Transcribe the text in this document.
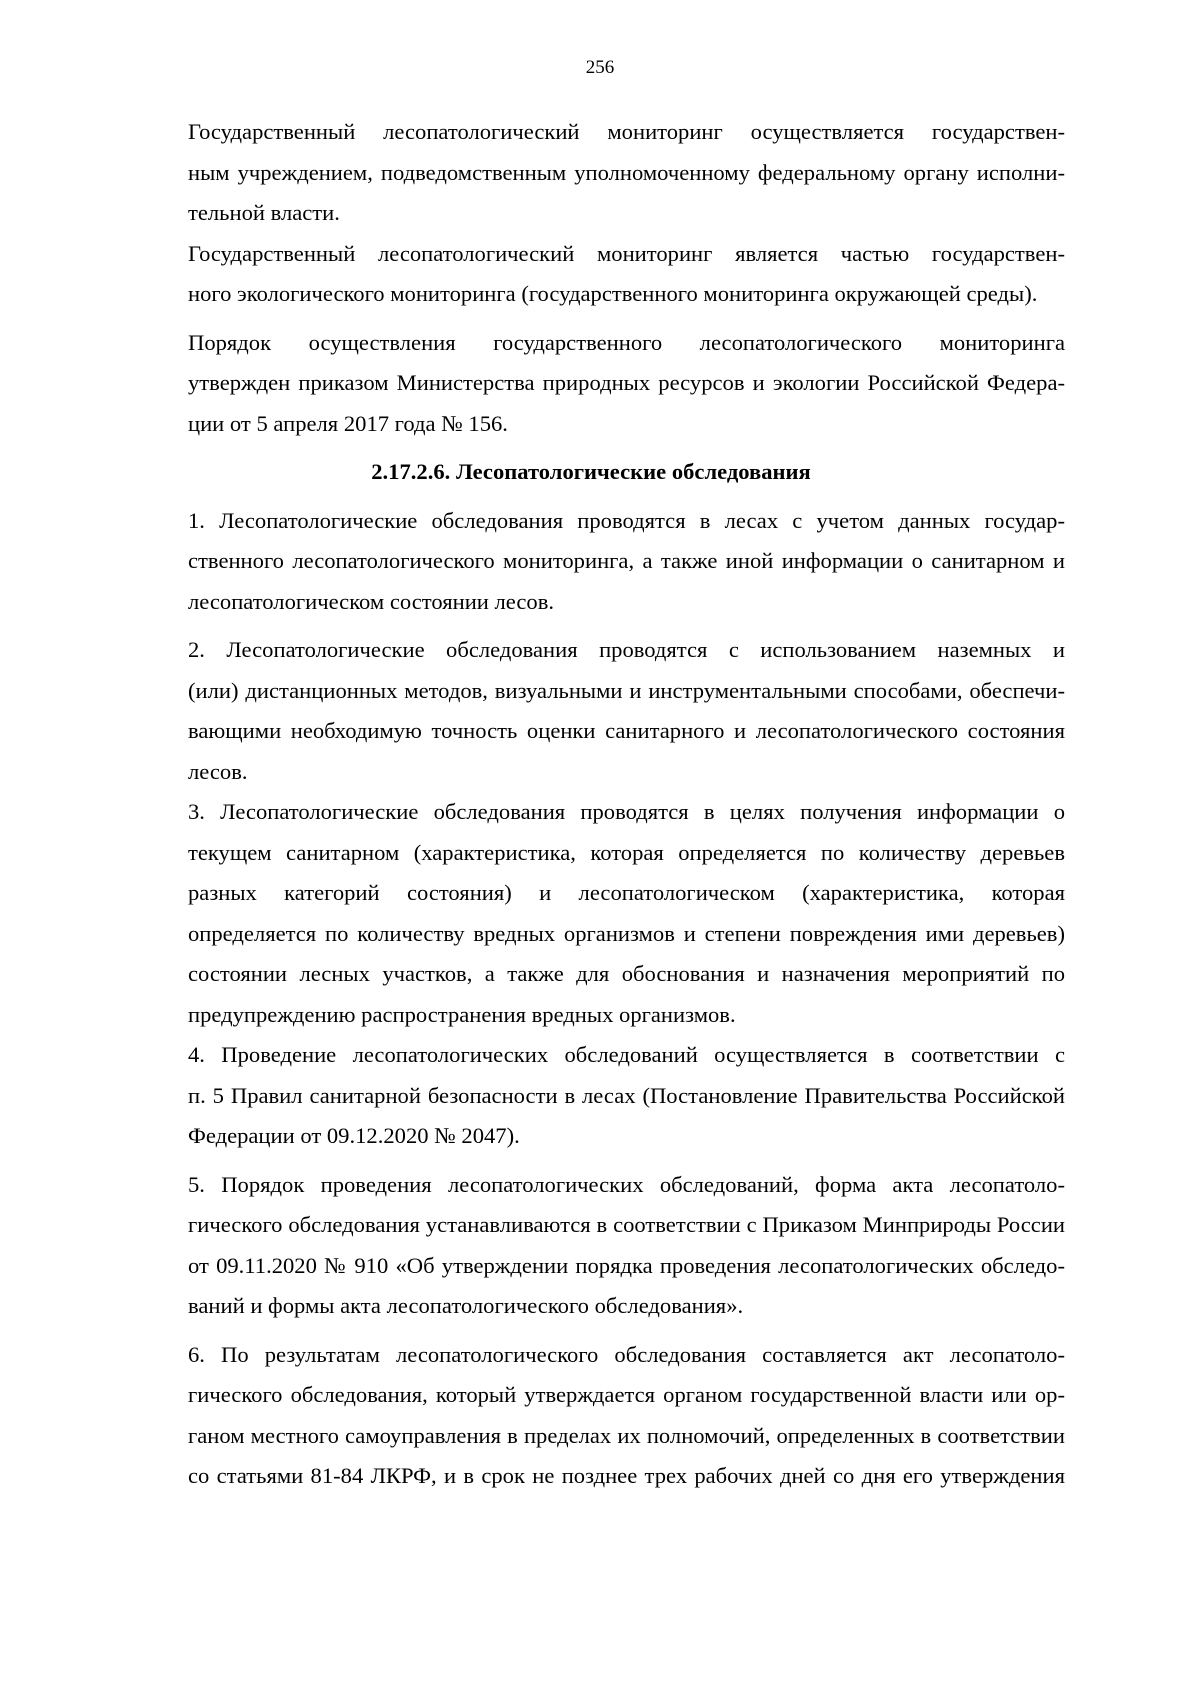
256

Государственный лесопатологический мониторинг осуществляется государствен-
ным учреждением, подведомственным уполномоченному федеральному органу исполни-
тельной власти.

Государственный лесопатологический мониторинг является частью государствен-
ного экологического мониторинга (государственного мониторинга окружающей среды).

Порядок осуществления государственного лесопатологического мониторинга
утвержден приказом Министерства природных ресурсов и экологии Российской Федера-
ции от 5 апреля 2017 года № 156.

2.17.2.6. Лесопатологические обследования

1. Лесопатологические обследования проводятся в лесах с учетом данных государ-
ственного лесопатологического мониторинга, а также иной информации о санитарном и
лесопатологическом состоянии лесов.

2. Лесопатологические обследования проводятся с использованием наземных и
(или) дистанционных методов, визуальными и инструментальными способами, обеспечи-
вающими необходимую точность оценки санитарного и лесопатологического состояния
лесов.

3. Лесопатологические обследования проводятся в целях получения информации о
текущем санитарном (характеристика, которая определяется по количеству деревьев
разных категорий состояния) и лесопатологическом (характеристика, которая
определяется по количеству вредных организмов и степени повреждения ими деревьев)
состоянии лесных участков, а также для обоснования и назначения мероприятий по
предупреждению распространения вредных организмов.

4. Проведение лесопатологических обследований осуществляется в соответствии с
п. 5 Правил санитарной безопасности в лесах (Постановление Правительства Российской
Федерации от 09.12.2020 № 2047).

5. Порядок проведения лесопатологических обследований, форма акта лесопатоло-
гического обследования устанавливаются в соответствии с Приказом Минприроды России
от 09.11.2020 № 910 «Об утверждении порядка проведения лесопатологических обследо-
ваний и формы акта лесопатологического обследования».

6. По результатам лесопатологического обследования составляется акт лесопатоло-
гического обследования, который утверждается органом государственной власти или ор-
ганом местного самоуправления в пределах их полномочий, определенных в соответствии
со статьями 81-84 ЛКРФ, и в срок не позднее трех рабочих дней со дня его утверждения
